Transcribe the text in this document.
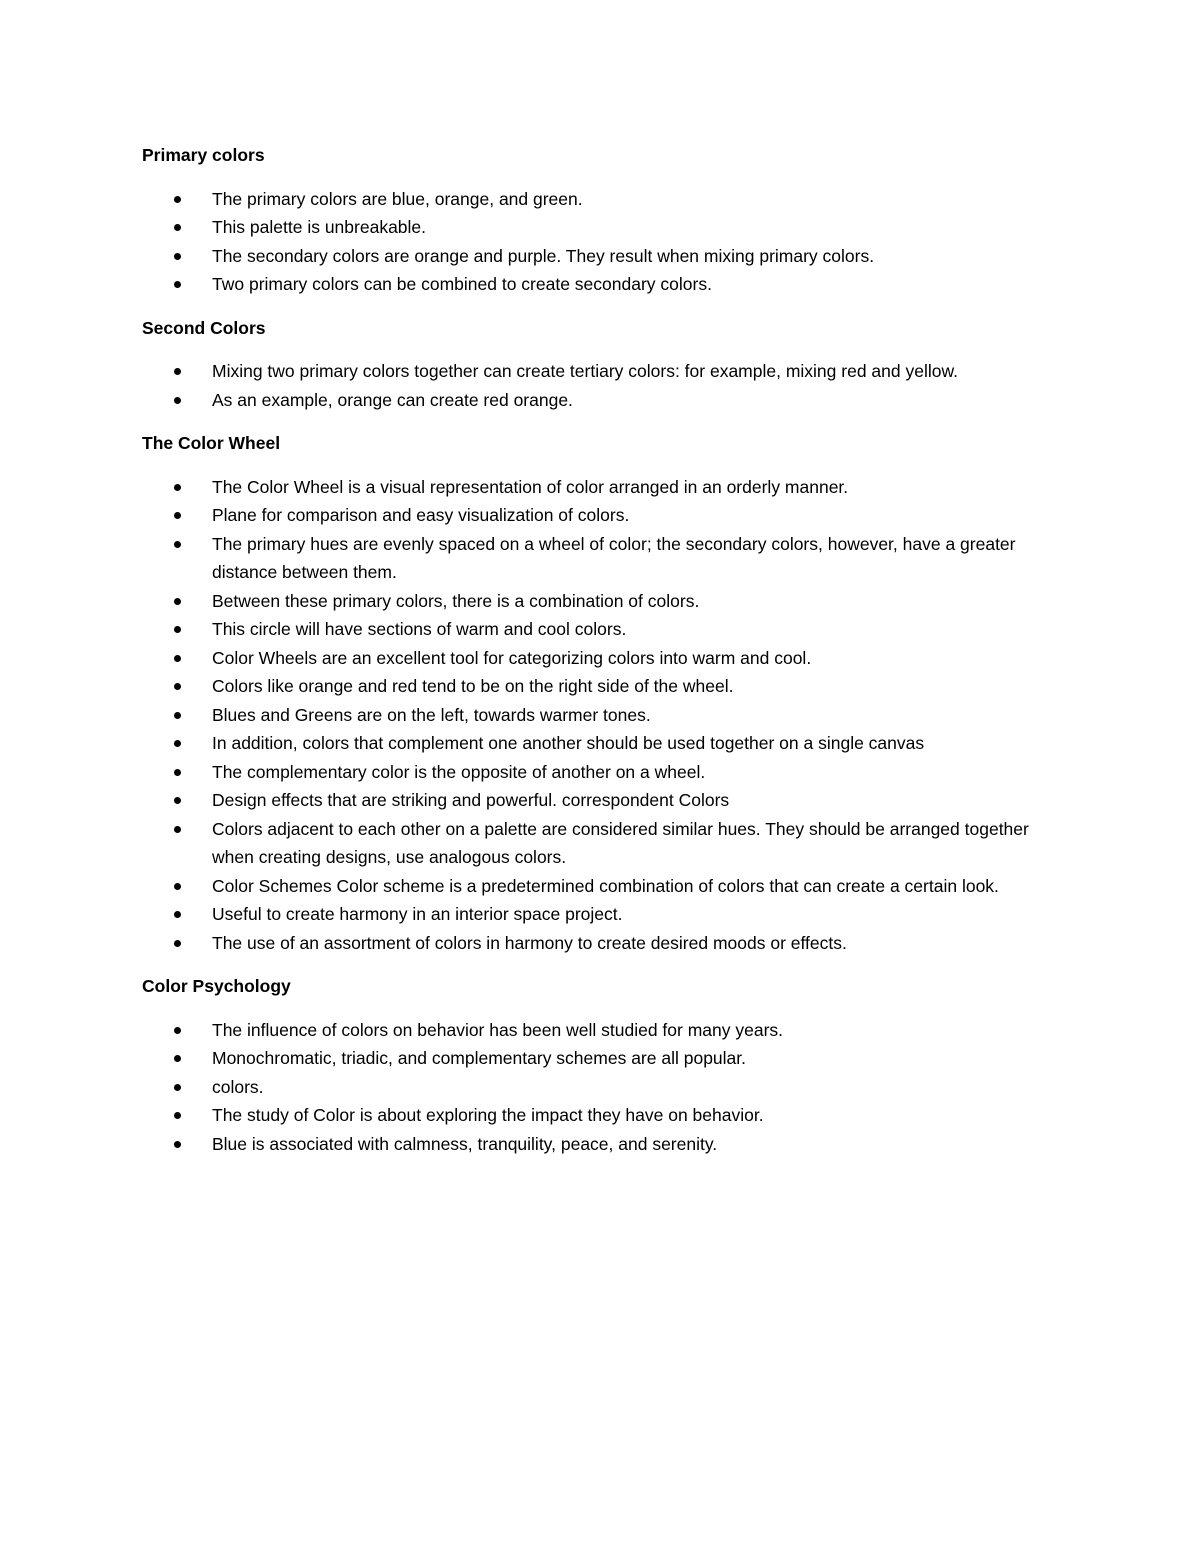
Primary colors
The primary colors are blue, orange, and green.
This palette is unbreakable.
The secondary colors are orange and purple. They result when mixing primary colors.
Two primary colors can be combined to create secondary colors.
Second Colors
Mixing two primary colors together can create tertiary colors: for example, mixing red and yellow.
As an example, orange can create red orange.
The Color Wheel
The Color Wheel is a visual representation of color arranged in an orderly manner.
Plane for comparison and easy visualization of colors.
The primary hues are evenly spaced on a wheel of color; the secondary colors, however, have a greater distance between them.
Between these primary colors, there is a combination of colors.
This circle will have sections of warm and cool colors.
Color Wheels are an excellent tool for categorizing colors into warm and cool.
Colors like orange and red tend to be on the right side of the wheel.
Blues and Greens are on the left, towards warmer tones.
In addition, colors that complement one another should be used together on a single canvas
The complementary color is the opposite of another on a wheel.
Design effects that are striking and powerful. correspondent Colors
Colors adjacent to each other on a palette are considered similar hues. They should be arranged together when creating designs, use analogous colors.
Color Schemes Color scheme is a predetermined combination of colors that can create a certain look.
Useful to create harmony in an interior space project.
The use of an assortment of colors in harmony to create desired moods or effects.
Color Psychology
The influence of colors on behavior has been well studied for many years.
Monochromatic, triadic, and complementary schemes are all popular.
colors.
The study of Color is about exploring the impact they have on behavior.
Blue is associated with calmness, tranquility, peace, and serenity.
